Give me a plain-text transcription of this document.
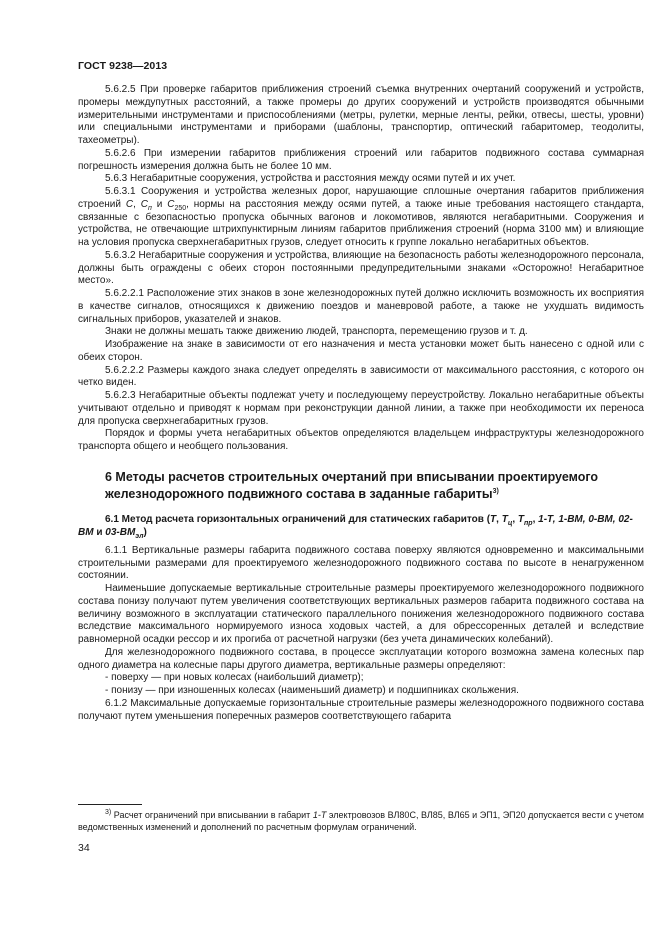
ГОСТ 9238—2013

5.6.2.5 При проверке габаритов приближения строений съемка внутренних очертаний сооружений и устройств, промеры междупутных расстояний, а также промеры до других сооружений и устройств производятся обычными измерительными инструментами и приспособлениями (метры, рулетки, мерные ленты, рейки, отвесы, шесты, уровни) или специальными инструментами и приборами (шаблоны, транспортир, оптический габаритомер, теодолиты, тахеометры).

5.6.2.6 При измерении габаритов приближения строений или габаритов подвижного состава суммарная погрешность измерения должна быть не более 10 мм.

5.6.3 Негабаритные сооружения, устройства и расстояния между осями путей и их учет.

5.6.3.1 Сооружения и устройства железных дорог, нарушающие сплошные очертания габаритов приближения строений С, $С_п$ и $С_{250}$, нормы на расстояния между осями путей, а также иные требования настоящего стандарта, связанные с безопасностью пропуска обычных вагонов и локомотивов, являются негабаритными. Сооружения и устройства, не отвечающие штрихпунктирным линиям габаритов приближения строений (норма 3100 мм) и влияющие на условия пропуска сверхнегабаритных грузов, следует относить к группе локально негабаритных объектов.

5.6.3.2 Негабаритные сооружения и устройства, влияющие на безопасность работы железнодорожного персонала, должны быть ограждены с обеих сторон постоянными предупредительными знаками «Осторожно! Негабаритное место».

5.6.2.2.1 Расположение этих знаков в зоне железнодорожных путей должно исключить возможность их восприятия в качестве сигналов, относящихся к движению поездов и маневровой работе, а также не ухудшать видимость сигнальных приборов, указателей и знаков.

Знаки не должны мешать также движению людей, транспорта, перемещению грузов и т. д.

Изображение на знаке в зависимости от его назначения и места установки может быть нанесено с одной или с обеих сторон.

5.6.2.2.2 Размеры каждого знака следует определять в зависимости от максимального расстояния, с которого он четко виден.

5.6.2.3 Негабаритные объекты подлежат учету и последующему переустройству. Локально негабаритные объекты учитывают отдельно и приводят к нормам при реконструкции данной линии, а также при необходимости их переноса для пропуска сверхнегабаритных грузов.

Порядок и формы учета негабаритных объектов определяются владельцем инфраструктуры железнодорожного транспорта общего и необщего пользования.

6 Методы расчетов строительных очертаний при вписывании проектируемого железнодорожного подвижного состава в заданные габариты$^{3)}$

6.1 Метод расчета горизонтальных ограничений для статических габаритов (Т, $Т_ц$, $Т_{пр}$, 1-Т, 1-ВМ, 0-ВМ, 02-ВМ и $03-ВМ_{эл}$)

6.1.1 Вертикальные размеры габарита подвижного состава поверху являются одновременно и максимальными строительными размерами для проектируемого железнодорожного подвижного состава по высоте в ненагруженном состоянии.

Наименьшие допускаемые вертикальные строительные размеры проектируемого железнодорожного подвижного состава понизу получают путем увеличения соответствующих вертикальных размеров габарита подвижного состава на величину возможного в эксплуатации статического параллельного понижения железнодорожного подвижного состава вследствие максимального нормируемого износа ходовых частей, а для обрессоренных деталей и вследствие равномерной осадки рессор и их прогиба от расчетной нагрузки (без учета динамических колебаний).

Для железнодорожного подвижного состава, в процессе эксплуатации которого возможна замена колесных пар одного диаметра на колесные пары другого диаметра, вертикальные размеры определяют:

- поверху — при новых колесах (наибольший диаметр);

- понизу — при изношенных колесах (наименьший диаметр) и подшипниках скольжения.

6.1.2 Максимальные допускаемые горизонтальные строительные размеры железнодорожного подвижного состава получают путем уменьшения поперечных размеров соответствующего габарита

$^{3)}$ Расчет ограничений при вписывании в габарит 1-Т электровозов ВЛ80С, ВЛ85, ВЛ65 и ЭП1, ЭП20 допускается вести с учетом ведомственных изменений и дополнений по расчетным формулам ограничений.
34
